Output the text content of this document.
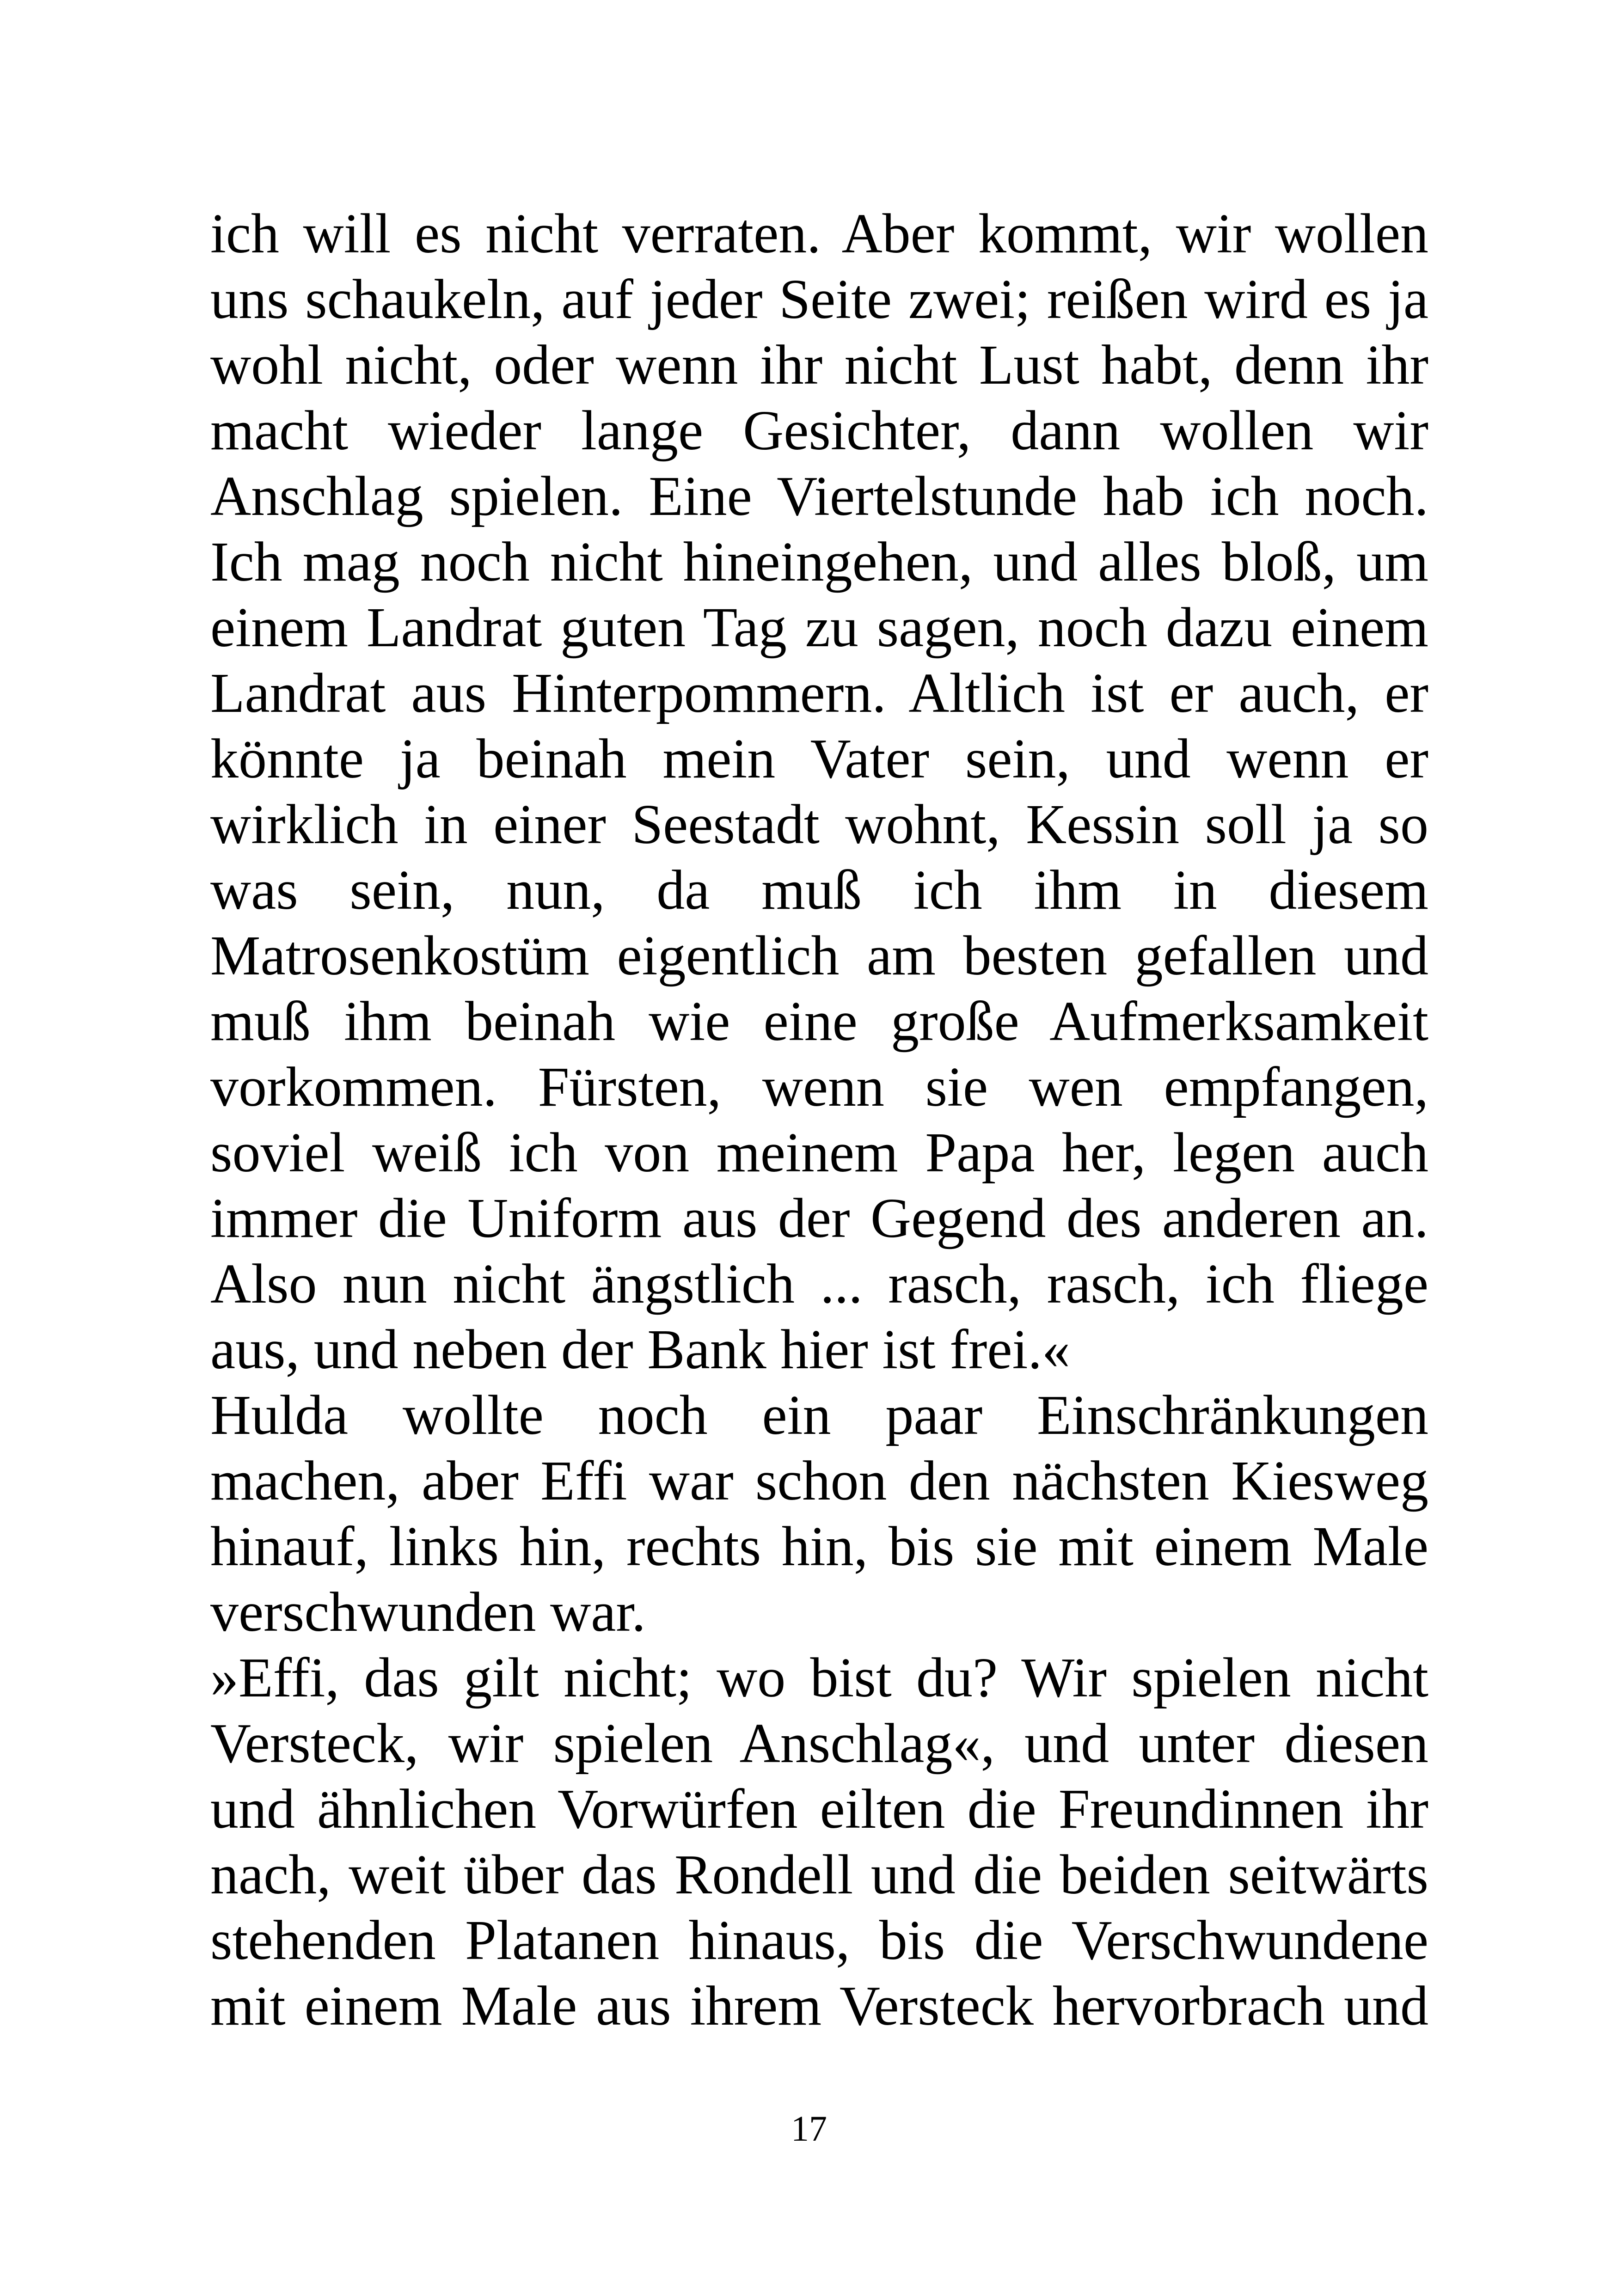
ich will es nicht verraten. Aber kommt, wir wollen
uns schaukeln, auf jeder Seite zwei; reißen wird es ja
wohl nicht, oder wenn ihr nicht Lust habt, denn ihr
macht wieder lange Gesichter, dann wollen wir
Anschlag spielen. Eine Viertelstunde hab ich noch.
Ich mag noch nicht hineingehen, und alles bloß, um
einem Landrat guten Tag zu sagen, noch dazu einem
Landrat aus Hinterpommern. Altlich ist er auch, er
könnte ja beinah mein Vater sein, und wenn er
wirklich in einer Seestadt wohnt, Kessin soll ja so
was sein, nun, da muß ich ihm in diesem
Matrosenkostüm eigentlich am besten gefallen und
muß ihm beinah wie eine große Aufmerksamkeit
vorkommen. Fürsten, wenn sie wen empfangen,
soviel weiß ich von meinem Papa her, legen auch
immer die Uniform aus der Gegend des anderen an.
Also nun nicht ängstlich ... rasch, rasch, ich fliege
aus, und neben der Bank hier ist frei.«
Hulda wollte noch ein paar Einschränkungen
machen, aber Effi war schon den nächsten Kiesweg
hinauf, links hin, rechts hin, bis sie mit einem Male
verschwunden war.
»Effi, das gilt nicht; wo bist du? Wir spielen nicht
Versteck, wir spielen Anschlag«, und unter diesen
und ähnlichen Vorwürfen eilten die Freundinnen ihr
nach, weit über das Rondell und die beiden seitwärts
stehenden Platanen hinaus, bis die Verschwundene
mit einem Male aus ihrem Versteck hervorbrach und
17
